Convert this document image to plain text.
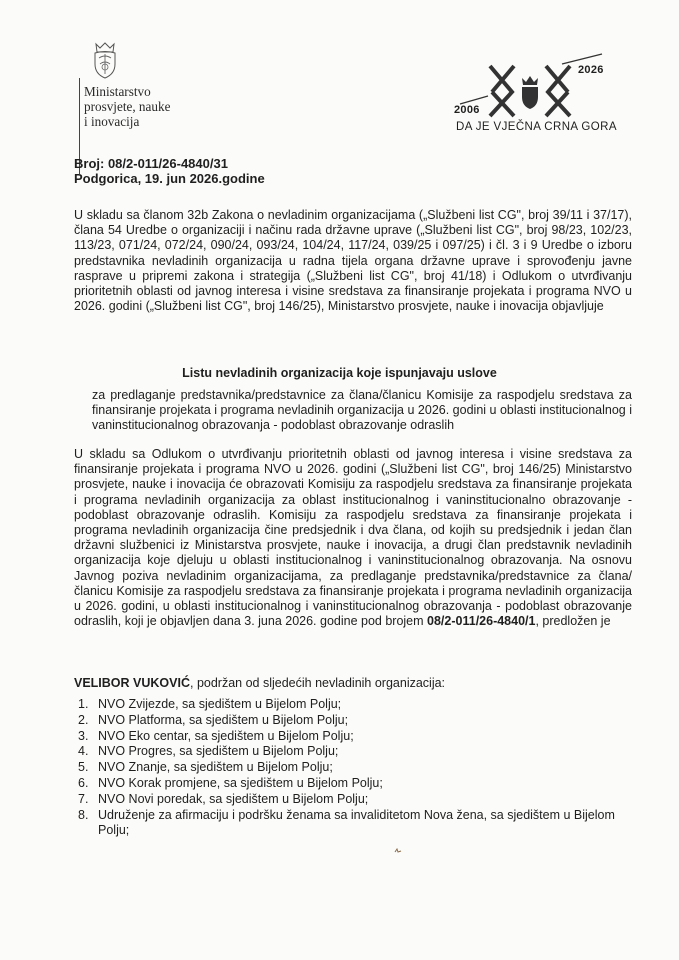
Ministarstvo
prosvjete, nauke
i inovacija
2026
2006
DA JE VJEČNA CRNA GORA
Broj: 08/2-011/26-4840/31
Podgorica, 19. jun 2026.godine
U skladu sa članom 32b Zakona o nevladinim organizacijama („Službeni list CG", broj 39/11 i 37/17), člana 54 Uredbe o organizaciji i načinu rada državne uprave („Službeni list CG", broj 98/23, 102/23, 113/23, 071/24, 072/24, 090/24, 093/24, 104/24, 117/24, 039/25 i 097/25) i čl. 3 i 9 Uredbe o izboru predstavnika nevladinih organizacija u radna tijela organa državne uprave i sprovođenju javne rasprave u pripremi zakona i strategija („Službeni list CG", broj 41/18) i Odlukom o utvrđivanju prioritetnih oblasti od javnog interesa i visine sredstava za finansiranje projekata i programa NVO u 2026. godini („Službeni list CG", broj 146/25), Ministarstvo prosvjete, nauke i inovacija objavljuje
Listu nevladinih organizacija koje ispunjavaju uslove
za predlaganje predstavnika/predstavnice za člana/članicu Komisije za raspodjelu sredstava za finansiranje projekata i programa nevladinih organizacija u 2026. godini u oblasti institucionalnog i vaninstitucionalnog obrazovanja - podoblast obrazovanje odraslih
U skladu sa Odlukom o utvrđivanju prioritetnih oblasti od javnog interesa i visine sredstava za finansiranje projekata i programa NVO u 2026. godini („Službeni list CG", broj 146/25) Ministarstvo prosvjete, nauke i inovacija će obrazovati Komisiju za raspodjelu sredstava za finansiranje projekata i programa nevladinih organizacija za oblast institucionalnog i vaninstitucionalno obrazovanje - podoblast obrazovanje odraslih. Komisiju za raspodjelu sredstava za finansiranje projekata i programa nevladinih organizacija čine predsjednik i dva člana, od kojih su predsjednik i jedan član državni službenici iz Ministarstva prosvjete, nauke i inovacija, a drugi član predstavnik nevladinih organizacija koje djeluju u oblasti institucionalnog i vaninstitucionalnog obrazovanja. Na osnovu Javnog poziva nevladinim organizacijama, za predlaganje predstavnika/predstavnice za člana/članicu Komisije za raspodjelu sredstava za finansiranje projekata i programa nevladinih organizacija u 2026. godini, u oblasti institucionalnog i vaninstitucionalnog obrazovanja - podoblast obrazovanje odraslih, koji je objavljen dana 3. juna 2026. godine pod brojem 08/2-011/26-4840/1, predložen je
VELIBOR VUKOVIĆ, podržan od sljedećih nevladinih organizacija:
1. NVO Zvijezde, sa sjedištem u Bijelom Polju;
2. NVO Platforma, sa sjedištem u Bijelom Polju;
3. NVO Eko centar, sa sjedištem u Bijelom Polju;
4. NVO Progres, sa sjedištem u Bijelom Polju;
5. NVO Znanje, sa sjedištem u Bijelom Polju;
6. NVO Korak promjene, sa sjedištem u Bijelom Polju;
7. NVO Novi poredak, sa sjedištem u Bijelom Polju;
8. Udruženje za afirmaciju i podršku ženama sa invaliditetom Nova žena, sa sjedištem u Bijelom Polju;
